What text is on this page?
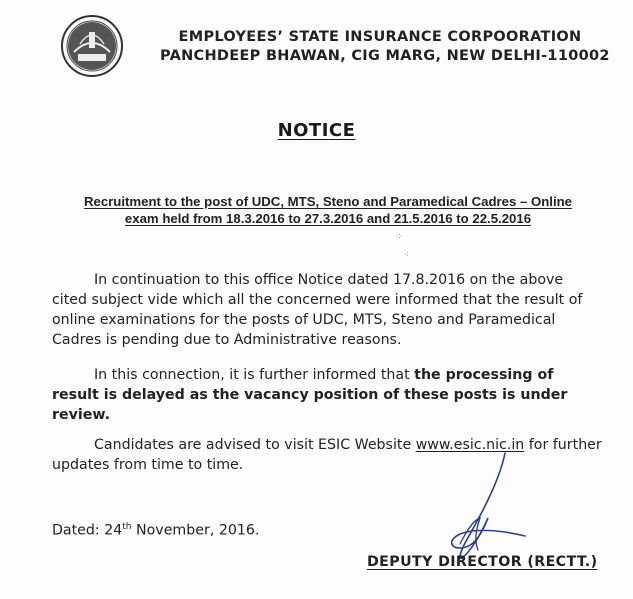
EMPLOYEES’ STATE INSURANCE CORPOORATION
PANCHDEEP BHAWAN, CIG MARG, NEW DELHI-110002
NOTICE
Recruitment to the post of UDC, MTS, Steno and Paramedical Cadres – Online
exam held from 18.3.2016 to 27.3.2016 and 21.5.2016 to 22.5.2016
⁘
⁖
In continuation to this office Notice dated 17.8.2016 on the above cited subject vide which all the concerned were informed that the result of online examinations for the posts of UDC, MTS, Steno and Paramedical Cadres is pending due to Administrative reasons.
In this connection, it is further informed that the processing of result is delayed as the vacancy position of these posts is under review.
Candidates are advised to visit ESIC Website www.esic.nic.in for further updates from time to time.
Dated: 24th November, 2016.
DEPUTY DIRECTOR (RECTT.)
